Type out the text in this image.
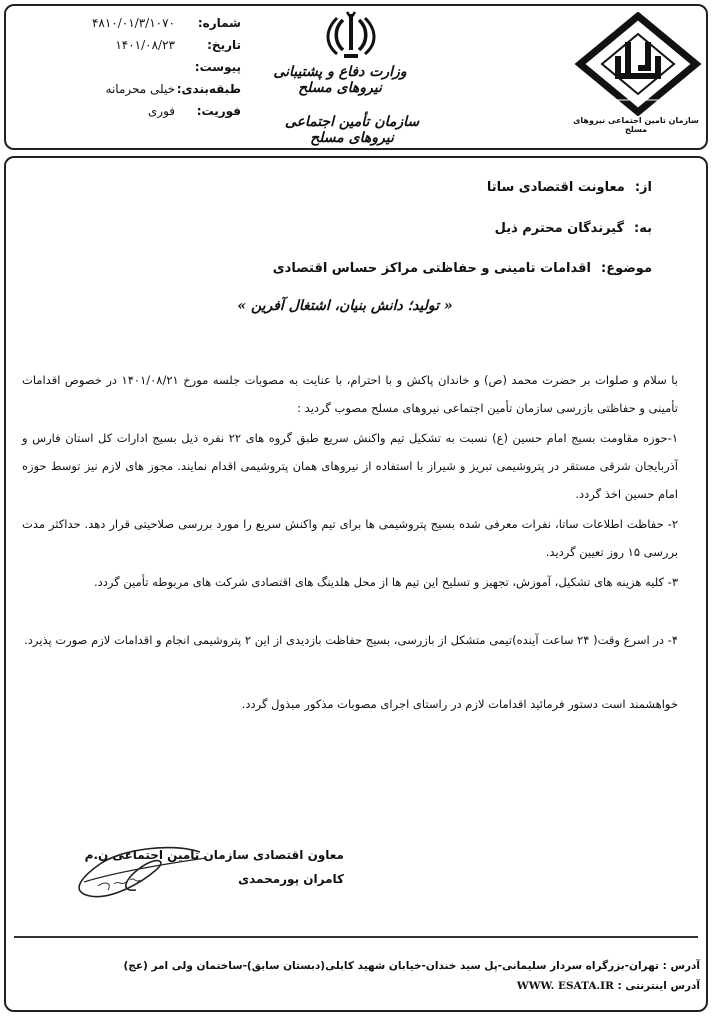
شماره:
۴۸۱۰/۰۱/۳/۱۰۷۰
تاریخ:
۱۴۰۱/۰۸/۲۳
پیوست:
طبقه‌بندی:
خیلی محرمانه
فوریت:
فوری
وزارت دفاع و پشتیبانی نیروهای مسلح
سازمان تأمین اجتماعی نیروهای مسلح
سازمان تامین اجتماعی نیروهای مسلح
از:معاونت اقتصادی ساتا
به:گیرندگان محترم ذیل
موضوع:اقدامات تامینی و حفاظتی مراکز حساس اقتصادی
« تولید؛ دانش بنیان، اشتغال آفرین »
با سلام و صلوات بر حضرت محمد (ص) و خاندان پاکش و با احترام، با عنایت به مصوبات جلسه مورخ ۱۴۰۱/۰۸/۲۱ در خصوص اقدامات تأمینی و حفاظتی بازرسی سازمان تأمین اجتماعی نیروهای مسلح مصوب گردید :
۱-حوزه مقاومت بسیج امام حسین (ع) نسبت به تشکیل تیم واکنش سریع طبق گروه های ۲۲ نفره ذیل بسیج ادارات کل استان فارس و آذربایجان شرقی مستقر در پتروشیمی تبریز و شیراز با استفاده از نیروهای همان پتروشیمی اقدام نمایند. مجوز های لازم نیز توسط حوزه امام حسین اخذ گردد.
۲- حفاظت اطلاعات ساتا، نفرات معرفی شده بسیج پتروشیمی ها برای تیم واکنش سریع را مورد بررسی صلاحیتی قرار دهد. حداکثر مدت بررسی ۱۵ روز تعیین گردید.
۳- کلیه هزینه های تشکیل، آموزش، تجهیز و تسلیح این تیم ها از محل هلدینگ های اقتصادی شرکت های مربوطه تأمین گردد.
۴- در اسرع وقت( ۲۴ ساعت آینده)تیمی متشکل از بازرسی، بسیج حفاظت بازدیدی از این ۲ پتروشیمی انجام و اقدامات لازم صورت پذیرد.
خواهشمند است دستور فرمائید اقدامات لازم در راستای اجرای مصوبات مذکور مبذول گردد.
معاون اقتصادی سازمان تامین اجتماعی ن.م
کامران پورمحمدی
آدرس : تهران-بزرگراه سردار سلیمانی-پل سید خندان-خیابان شهید کابلی(دبستان سابق)-ساختمان ولی امر (عج)
آدرس اینترنتی : WWW. ESATA.IR
